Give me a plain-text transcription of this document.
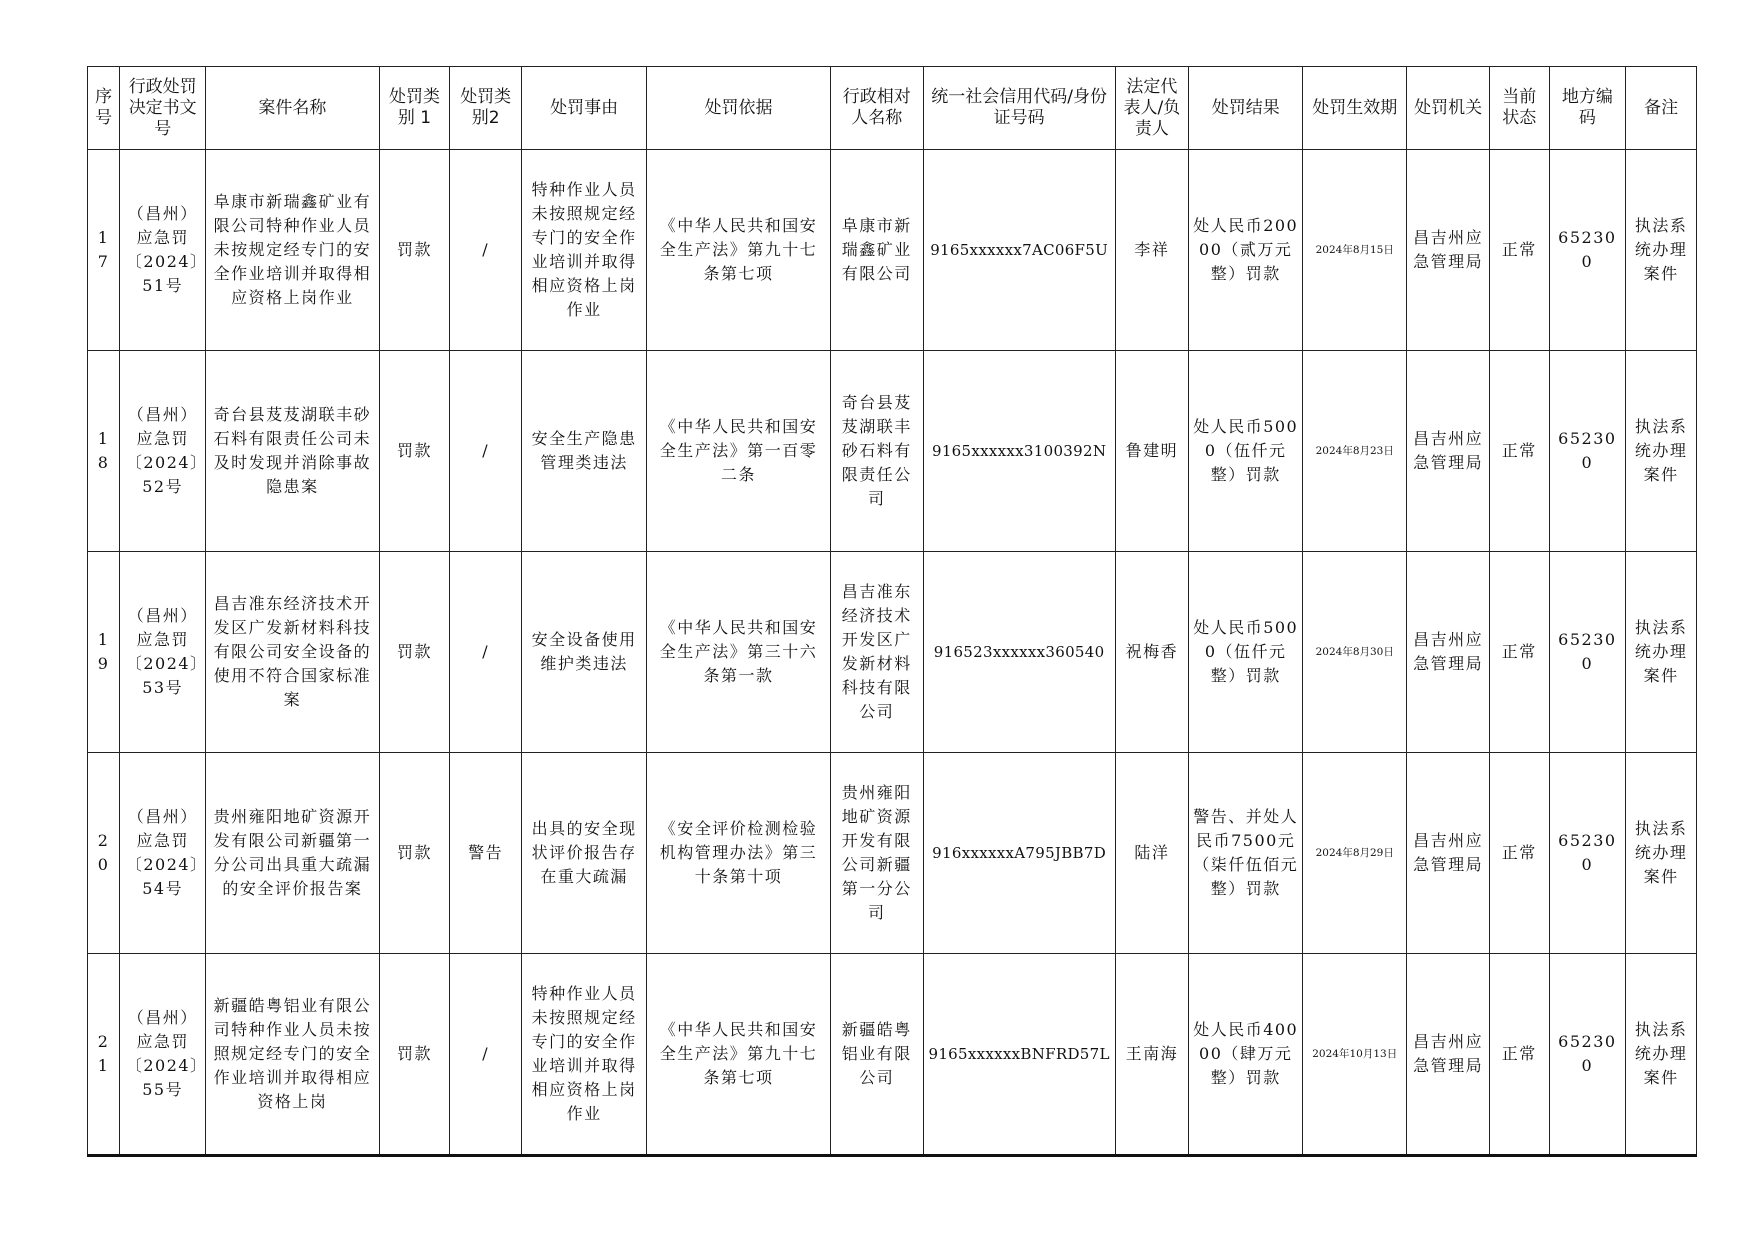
序号	行政处罚决定书文号	案件名称	处罚类别 1	处罚类别2	处罚事由	处罚依据	行政相对人名称	统一社会信用代码/身份证号码	法定代表人/负责人	处罚结果	处罚生效期	处罚机关	当前状态	地方编码	备注
17	（昌州）应急罚〔2024〕51号	阜康市新瑞鑫矿业有限公司特种作业人员未按规定经专门的安全作业培训并取得相应资格上岗作业	罚款	/	特种作业人员未按照规定经专门的安全作业培训并取得相应资格上岗作业	《中华人民共和国安全生产法》第九十七条第七项	阜康市新瑞鑫矿业有限公司	9165xxxxxx7AC06F5U	李祥	处人民币20000（贰万元整）罚款	2024年8月15日	昌吉州应急管理局	正常	652300	执法系统办理案件
18	（昌州）应急罚〔2024〕52号	奇台县芨芨湖联丰砂石料有限责任公司未及时发现并消除事故隐患案	罚款	/	安全生产隐患管理类违法	《中华人民共和国安全生产法》第一百零二条	奇台县芨芨湖联丰砂石料有限责任公司	9165xxxxxx3100392N	鲁建明	处人民币5000（伍仟元整）罚款	2024年8月23日	昌吉州应急管理局	正常	652300	执法系统办理案件
19	（昌州）应急罚〔2024〕53号	昌吉准东经济技术开发区广发新材料科技有限公司安全设备的使用不符合国家标准案	罚款	/	安全设备使用维护类违法	《中华人民共和国安全生产法》第三十六条第一款	昌吉准东经济技术开发区广发新材料科技有限公司	916523xxxxxx360540	祝梅香	处人民币5000（伍仟元整）罚款	2024年8月30日	昌吉州应急管理局	正常	652300	执法系统办理案件
20	（昌州）应急罚〔2024〕54号	贵州雍阳地矿资源开发有限公司新疆第一分公司出具重大疏漏的安全评价报告案	罚款	警告	出具的安全现状评价报告存在重大疏漏	《安全评价检测检验机构管理办法》第三十条第十项	贵州雍阳地矿资源开发有限公司新疆第一分公司	916xxxxxxA795JBB7D	陆洋	警告、并处人民币7500元（柒仟伍佰元整）罚款	2024年8月29日	昌吉州应急管理局	正常	652300	执法系统办理案件
21	（昌州）应急罚〔2024〕55号	新疆皓粤铝业有限公司特种作业人员未按照规定经专门的安全作业培训并取得相应资格上岗	罚款	/	特种作业人员未按照规定经专门的安全作业培训并取得相应资格上岗作业	《中华人民共和国安全生产法》第九十七条第七项	新疆皓粤铝业有限公司	9165xxxxxxBNFRD57L	王南海	处人民币40000（肆万元整）罚款	2024年10月13日	昌吉州应急管理局	正常	652300	执法系统办理案件
